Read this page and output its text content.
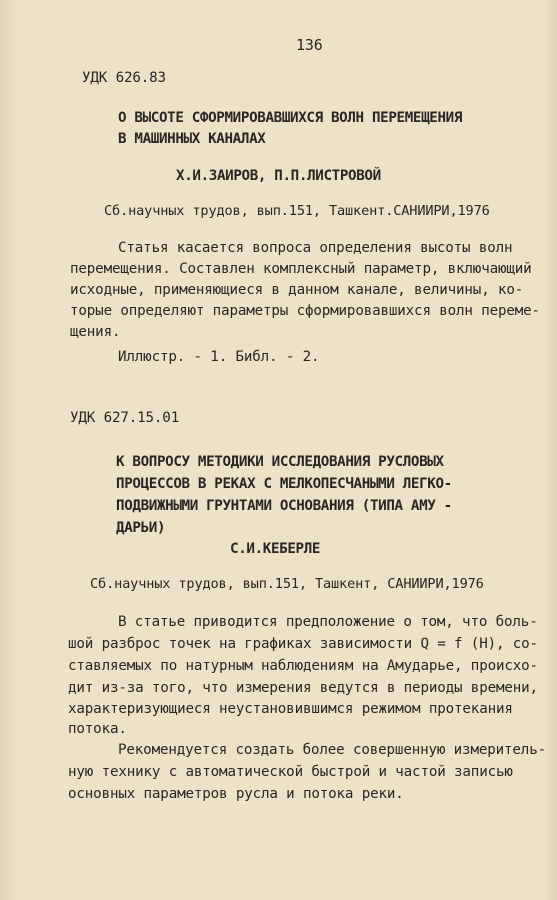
136
УДК 626.83
О ВЫСОТЕ СФОРМИРОВАВШИХСЯ ВОЛН ПЕРЕМЕЩЕНИЯ
В МАШИННЫХ КАНАЛАХ
Х.И.ЗАИРОВ, П.П.ЛИСТРОВОЙ
Сб.научных трудов, вып.151, Ташкент.САНИИРИ,1976
Статья касается вопроса определения высоты волн
перемещения. Составлен комплексный параметр, включающий
исходные, применяющиеся в данном канале, величины, ко-
торые определяют параметры сформировавшихся волн переме-
щения.
Иллюстр. - 1. Библ. - 2.
УДК 627.15.01
К ВОПРОСУ МЕТОДИКИ ИССЛЕДОВАНИЯ РУСЛОВЫХ
ПРОЦЕССОВ В РЕКАХ С МЕЛКОПЕСЧАНЫМИ ЛЕГКО-
ПОДВИЖНЫМИ ГРУНТАМИ ОСНОВАНИЯ (ТИПА АМУ -
ДАРЬИ)
С.И.КЕБЕРЛЕ
Сб.научных трудов, вып.151, Ташкент, САНИИРИ,1976
В статье приводится предположение о том, что боль-
шой разброс точек на графиках зависимости Q = f (H), со-
ставляемых по натурным наблюдениям на Амударье, происхо-
дит из-за того, что измерения ведутся в периоды времени,
характеризующиеся неустановившимся режимом протекания
потока.
Рекомендуется создать более совершенную измеритель-
ную технику с автоматической быстрой и частой записью
основных параметров русла и потока реки.
